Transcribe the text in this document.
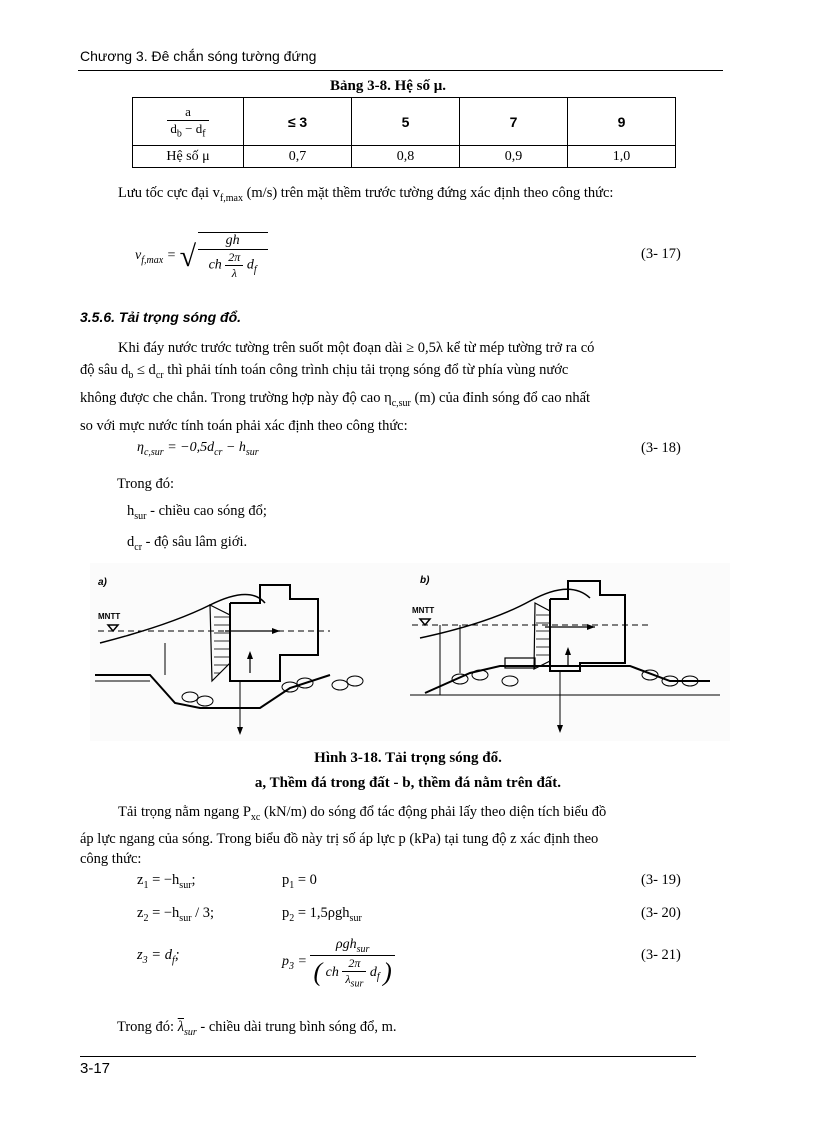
Chương 3. Đê chắn sóng tường đứng
Bảng 3-8. Hệ số μ.
$\frac{a}{d_b - d_f}$	≤ 3	5	7	9
Hệ số μ	0,7	0,8	0,9	1,0
Lưu tốc cực đại $v_{f,max}$ (m/s) trên mặt thềm trước tường đứng xác định theo công thức:
$v_{f,max}$ = √ $\frac{gh}{ch \frac{2\pi}{\lambda} d_f}$	(3- 17)
3.5.6. Tải trọng sóng đổ.
Khi đáy nước trước tường trên suốt một đoạn dài ≥ 0,5λ kể từ mép tường trở ra có
độ sâu $d_b \le d_{cr}$ thì phải tính toán công trình chịu tải trọng sóng đổ từ phía vùng nước
không được che chắn. Trong trường hợp này độ cao $\eta_{c,sur}$ (m) của đỉnh sóng đổ cao nhất
so với mực nước tính toán phải xác định theo công thức:
$\eta_{c,sur} = -0,5d_{cr} - h_{sur}$	(3- 18)
Trong đó:
$h_{sur}$ - chiều cao sóng đổ;
$d_{cr}$ - độ sâu lâm giới.
a)
MNTT
b)
MNTT
Hình 3-18. Tải trọng sóng đổ.
a, Thềm đá trong đất - b, thềm đá nằm trên đất.
Tải trọng nằm ngang $P_{xc}$ (kN/m) do sóng đổ tác động phải lấy theo diện tích biểu đồ
áp lực ngang của sóng. Trong biểu đồ này trị số áp lực p (kPa) tại tung độ z xác định theo
công thức:
$z_1 = -h_{sur}$;	$p_1 = 0$	(3- 19)
$z_2 = -h_{sur} / 3$;	$p_2 = 1,5\rho gh_{sur}$	(3- 20)
$z_3 = d_f$;	$p_3 = \frac{\rho gh_{sur}}{( ch \frac{2\pi}{\lambda_{sur}} d_f )}$	(3- 21)
Trong đó: $\overline{\lambda}_{sur}$ - chiều dài trung bình sóng đổ, m.
3-17
